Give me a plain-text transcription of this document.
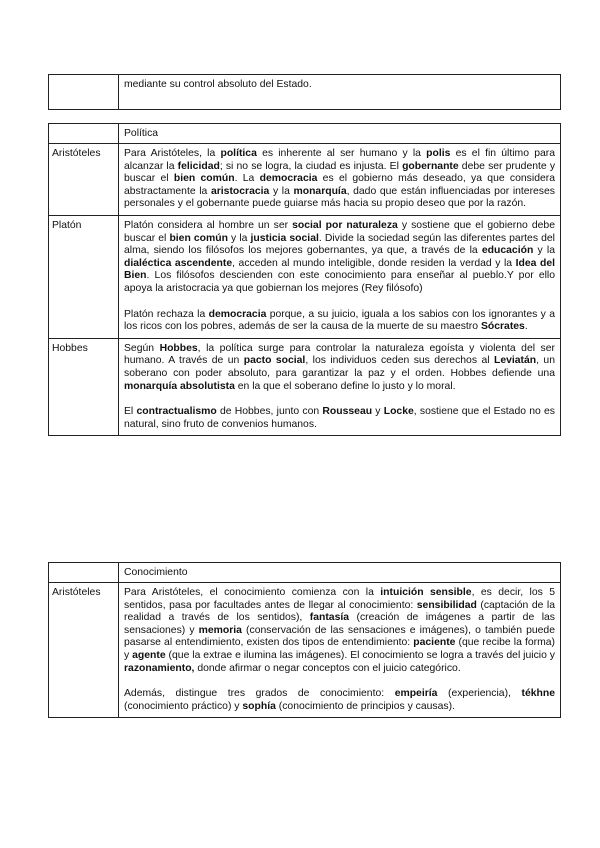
	mediante su control absoluto del Estado.
	Política
Aristóteles	Para Aristóteles, la política es inherente al ser humano y la polis es el fin último para alcanzar la felicidad; si no se logra, la ciudad es injusta. El gobernante debe ser prudente y buscar el bien común. La democracia es el gobierno más deseado, ya que considera abstractamente la aristocracia y la monarquía, dado que están influenciadas por intereses personales y el gobernante puede guiarse más hacia su propio deseo que por la razón.

Platón	Platón considera al hombre un ser social por naturaleza y sostiene que el gobierno debe buscar el bien común y la justicia social. Divide la sociedad según las diferentes partes del alma, siendo los filósofos los mejores gobernantes, ya que, a través de la educación y la dialéctica ascendente, acceden al mundo inteligible, donde residen la verdad y la Idea del Bien. Los filósofos descienden con este conocimiento para enseñar al pueblo.Y por ello apoya la aristocracia ya que gobiernan los mejores (Rey filósofo)

Platón rechaza la democracia porque, a su juicio, iguala a los sabios con los ignorantes y a los ricos con los pobres, además de ser la causa de la muerte de su maestro Sócrates.

Hobbes	Según Hobbes, la política surge para controlar la naturaleza egoísta y violenta del ser humano. A través de un pacto social, los individuos ceden sus derechos al Leviatán, un soberano con poder absoluto, para garantizar la paz y el orden. Hobbes defiende una monarquía absolutista en la que el soberano define lo justo y lo moral.

El contractualismo de Hobbes, junto con Rousseau y Locke, sostiene que el Estado no es natural, sino fruto de convenios humanos.

	Conocimiento
Aristóteles	Para Aristóteles, el conocimiento comienza con la intuición sensible, es decir, los 5 sentidos, pasa por facultades antes de llegar al conocimiento: sensibilidad (captación de la realidad a través de los sentidos), fantasía (creación de imágenes a partir de las sensaciones) y memoria (conservación de las sensaciones e imágenes), o también puede pasarse al entendimiento, existen dos tipos de entendimiento: paciente (que recibe la forma) y agente (que la extrae e ilumina las imágenes). El conocimiento se logra a través del juicio y razonamiento, donde afirmar o negar conceptos con el juicio categórico.

Además, distingue tres grados de conocimiento: empeiría (experiencia), tékhne (conocimiento práctico) y sophía (conocimiento de principios y causas).
